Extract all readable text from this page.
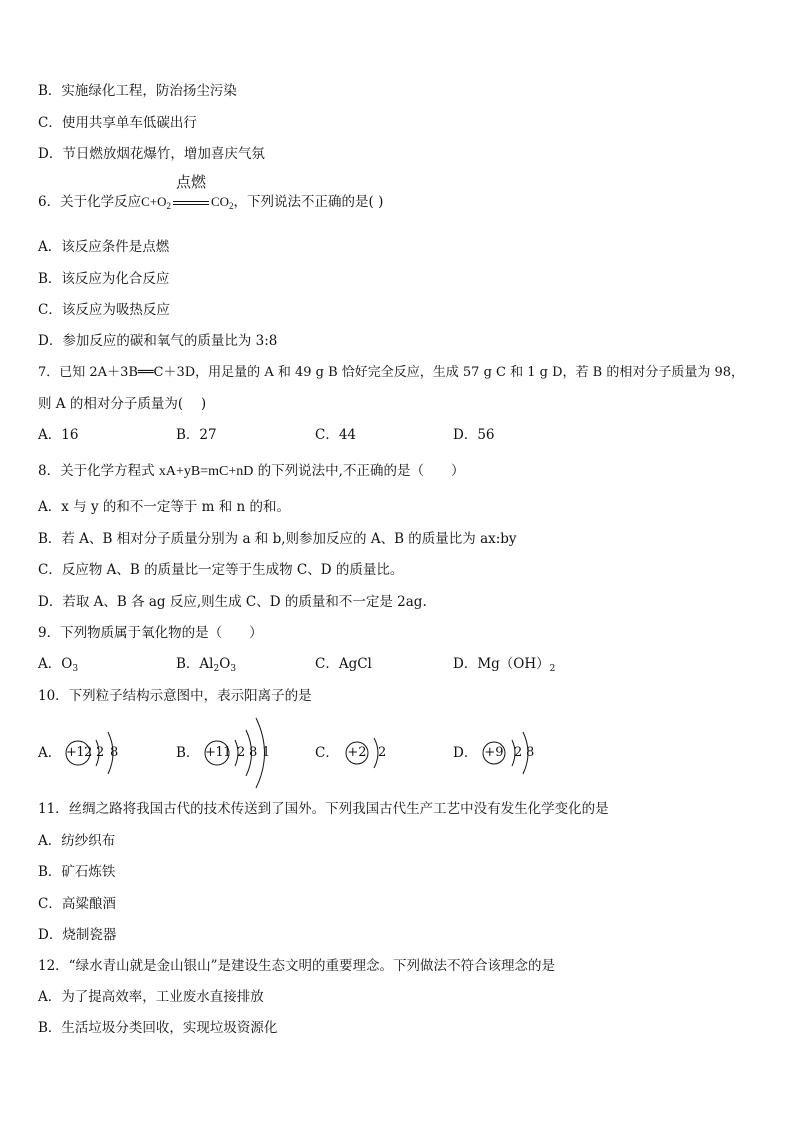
B．实施绿化工程，防治扬尘污染
C．使用共享单车低碳出行
D．节日燃放烟花爆竹，增加喜庆气氛
6．关于化学反应$C+O_2$
点燃
$CO_2$，下列说法不正确的是( )
A．该反应条件是点燃
B．该反应为化合反应
C．该反应为吸热反应
D．参加反应的碳和氧气的质量比为 3:8
7．已知 2A＋3B══C＋3D，用足量的 A 和 49 g B 恰好完全反应，生成 57 g C 和 1 g D，若 B 的相对分子质量为 98，
则 A 的相对分子质量为(　 )
A．16	B．27	C．44	D．56
8．关于化学方程式 xA+yB=mC+nD 的下列说法中,不正确的是（　　）
A．x 与 y 的和不一定等于 m 和 n 的和。
B．若 A、B 相对分子质量分别为 a 和 b,则参加反应的 A、B 的质量比为 ax:by
C．反应物 A、B 的质量比一定等于生成物 C、D 的质量比。
D．若取 A、B 各 ag 反应,则生成 C、D 的质量和不一定是 2ag.
9．下列物质属于氧化物的是（　　）
A．$O_3$	B．$Al_2O_3$	C．AgCl	D．$Mg(OH)_2$
10．下列粒子结构示意图中，表示阳离子的是
A． +12 2 8	B． +11 2 8 1	C． +2 2	D． +9 2 8
11．丝绸之路将我国古代的技术传送到了国外。下列我国古代生产工艺中没有发生化学变化的是
A．纺纱织布
B．矿石炼铁
C．高粱酿酒
D．烧制瓷器
12．“绿水青山就是金山银山”是建设生态文明的重要理念。下列做法不符合该理念的是
A．为了提高效率，工业废水直接排放
B．生活垃圾分类回收，实现垃圾资源化
